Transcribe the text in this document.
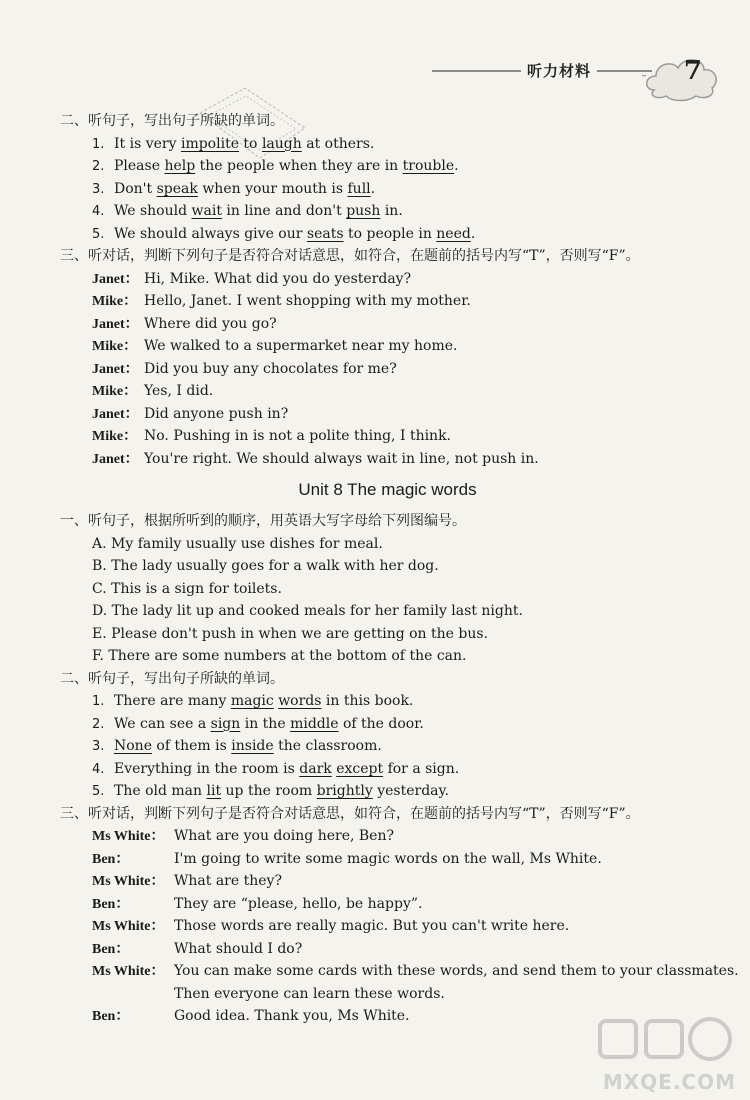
听力材料	7
二、听句子，写出句子所缺的单词。
1. It is very impolite to laugh at others.
2. Please help the people when they are in trouble.
3. Don't speak when your mouth is full.
4. We should wait in line and don't push in.
5. We should always give our seats to people in need.
三、听对话，判断下列句子是否符合对话意思，如符合，在题前的括号内写“T”，否则写“F”。
Janet： Hi, Mike. What did you do yesterday?
Mike： Hello, Janet. I went shopping with my mother.
Janet： Where did you go?
Mike： We walked to a supermarket near my home.
Janet： Did you buy any chocolates for me?
Mike： Yes, I did.
Janet： Did anyone push in?
Mike： No. Pushing in is not a polite thing, I think.
Janet： You're right. We should always wait in line, not push in.
Unit 8 The magic words
一、听句子，根据所听到的顺序，用英语大写字母给下列图编号。
A. My family usually use dishes for meal.
B. The lady usually goes for a walk with her dog.
C. This is a sign for toilets.
D. The lady lit up and cooked meals for her family last night.
E. Please don't push in when we are getting on the bus.
F. There are some numbers at the bottom of the can.
二、听句子，写出句子所缺的单词。
1. There are many magic words in this book.
2. We can see a sign in the middle of the door.
3. None of them is inside the classroom.
4. Everything in the room is dark except for a sign.
5. The old man lit up the room brightly yesterday.
三、听对话，判断下列句子是否符合对话意思，如符合，在题前的括号内写“T”，否则写“F”。
Ms White： What are you doing here, Ben?
Ben：	I'm going to write some magic words on the wall, Ms White.
Ms White： What are they?
Ben：	They are “please, hello, be happy”.
Ms White： Those words are really magic. But you can't write here.
Ben：	What should I do?
Ms White： You can make some cards with these words, and send them to your classmates.
Then everyone can learn these words.
Ben：	Good idea. Thank you, Ms White.
MXQE.COM
